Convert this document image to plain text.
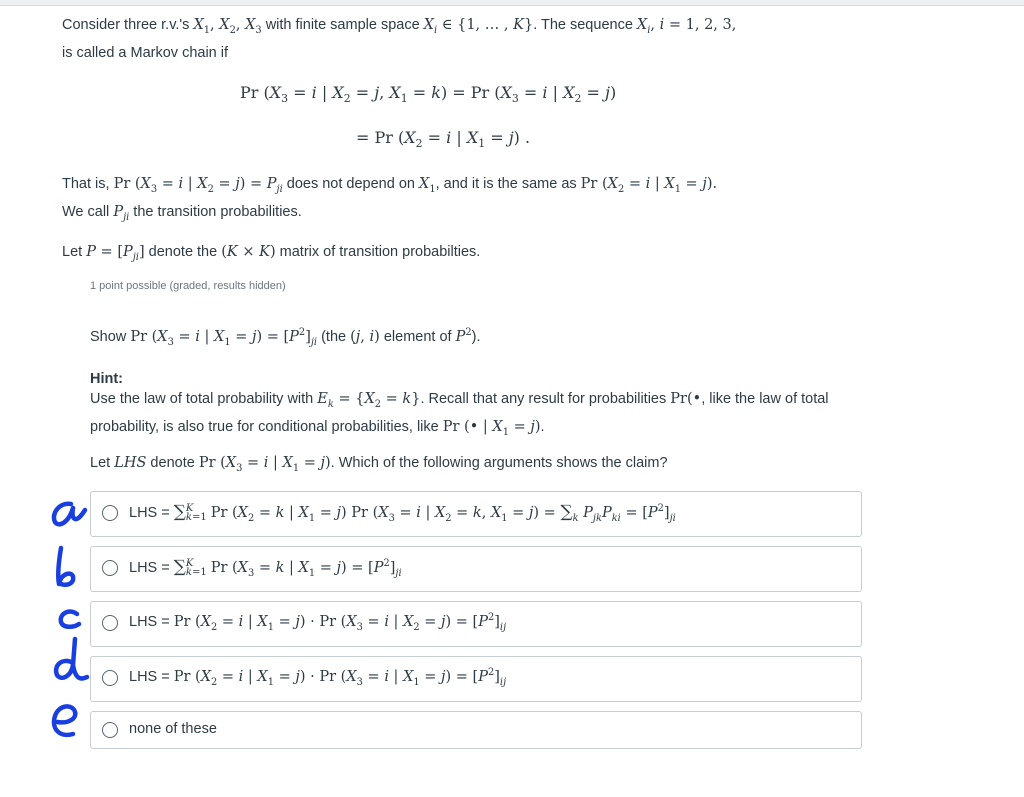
Consider three r.v.'s $X_1$, $X_2$, $X_3$ with finite sample space $X_i$ ∈ {1, … , K}. The sequence $X_i$, i = 1, 2, 3,
is called a Markov chain if
Pr ($X_3 = i$ | $X_2 = j$, $X_1 = k) = Pr$ ($X_3 = i$ | $X_2 = j$)
= Pr ($X_2 = i$ | $X_1 = j$) .
That is, Pr ($X_3 = i$ | $X_2 = j) = P_{ji}$ does not depend on $X_1$, and it is the same as Pr ($X_2 = i$ | $X_1 = j$).
We call $P_{ji}$ the transition probabilities.
Let $P = [P_{ji}]$ denote the (K × K) matrix of transition probabilties.
1 point possible (graded, results hidden)
Show Pr ($X_3 = i$ | $X_1 = j) = [P^2]_{ji}$ (the (j, i) element of $P^2$).
Hint:
Use the law of total probability with $E_k = \{X_2 = k\}$. Recall that any result for probabilities Pr(•, like the law of total probability, is also true for conditional probabilities, like Pr (• | $X_1 = j$).
Let LHS denote Pr ($X_3 = i$ | $X_1 = j$). Which of the following arguments shows the claim?
LHS = ∑K
k=1 Pr ($X_2 = k$ | $X_1 = j$) Pr ($X_3 = i$ | $X_2 = k$, $X_1 = j) = \sum_k$ $P_{jk}P_{ki} = [P^2]_{ji}$
LHS = ∑K
k=1 Pr ($X_3 = k$ | $X_1 = j) = [P^2]_{ji}$
LHS = Pr ($X_2 = i$ | $X_1 = j) \cdot Pr$ ($X_3 = i$ | $X_2 = j) = [P^2]_{ij}$
LHS = Pr ($X_2 = i$ | $X_1 = j) \cdot Pr$ ($X_3 = i$ | $X_1 = j) = [P^2]_{ij}$
none of these
